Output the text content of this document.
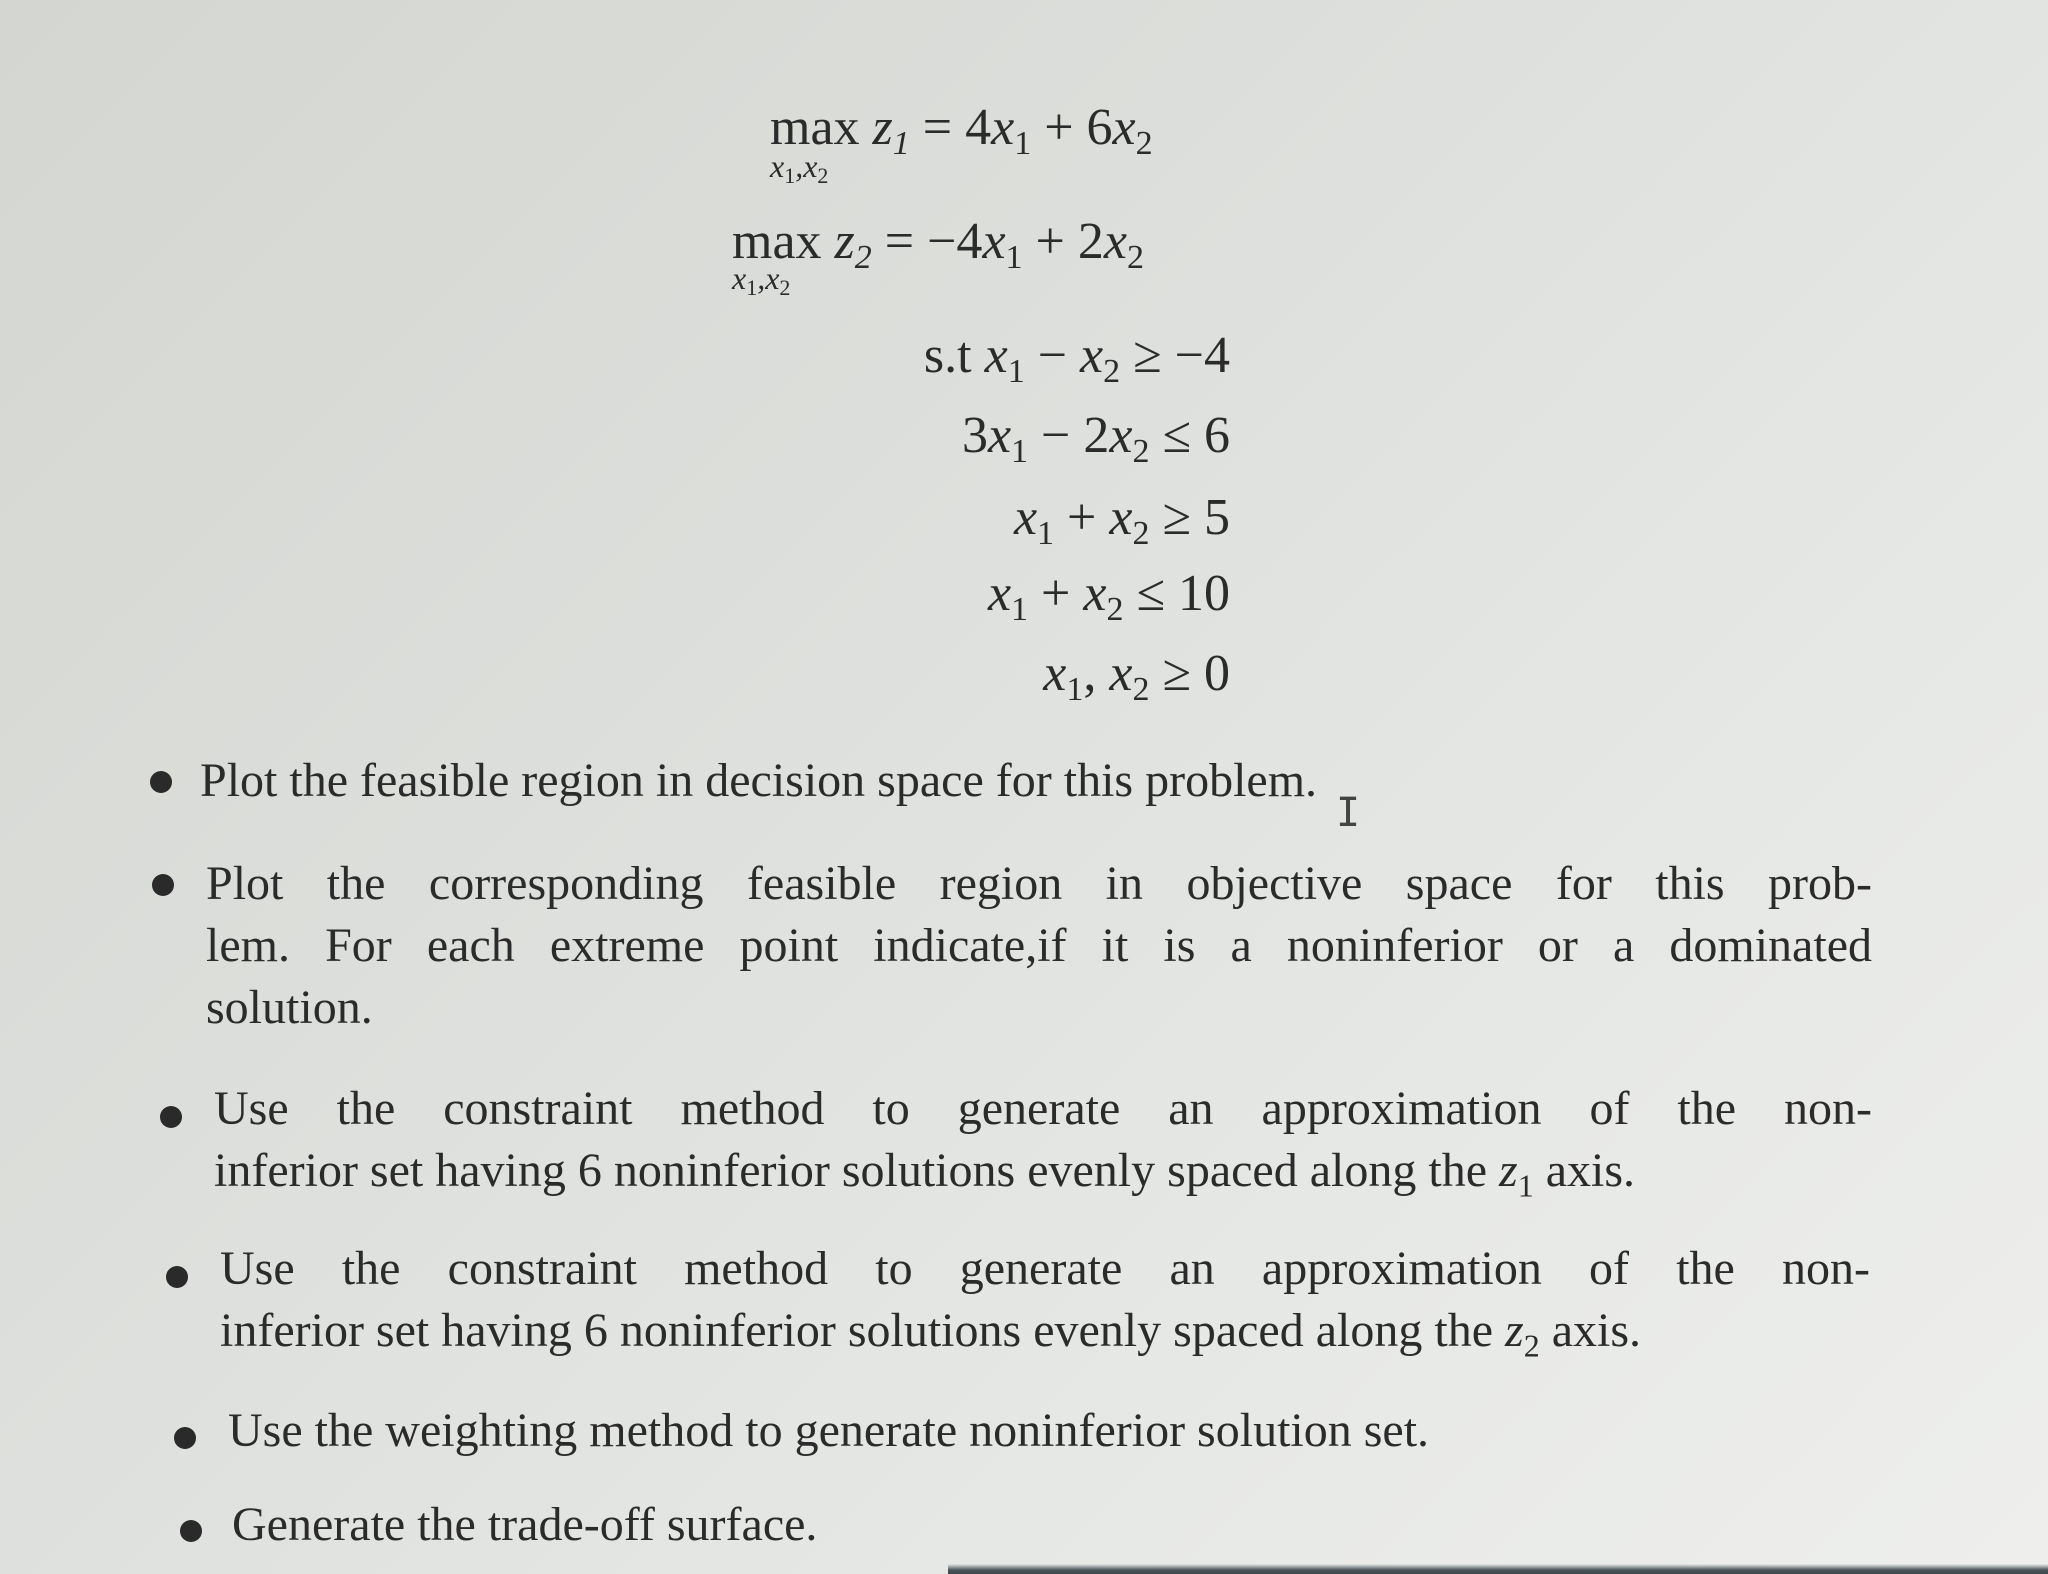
$\max z_1 = 4x_1 + 6x_2$
$x_1,x_2$
$\max z_2 = -4x_1 + 2x_2$
$x_1,x_2$
s.t $x_1 - x_2 \ge -4$
$3x_1 - 2x_2 \le 6$
$x_1 + x_2 \ge 5$
$x_1 + x_2 \le 10$
$x_1$, $x_2 \ge 0$
Plot the feasible region in decision space for this problem.
Plot the corresponding feasible region in objective space for this prob-
lem. For each extreme point indicate,if it is a noninferior or a dominated
solution.
Use the constraint method to generate an approximation of the non-
inferior set having 6 noninferior solutions evenly spaced along the $z_1$ axis.
Use the constraint method to generate an approximation of the non-
inferior set having 6 noninferior solutions evenly spaced along the $z_2$ axis.
Use the weighting method to generate noninferior solution set.
Generate the trade-off surface.
I
